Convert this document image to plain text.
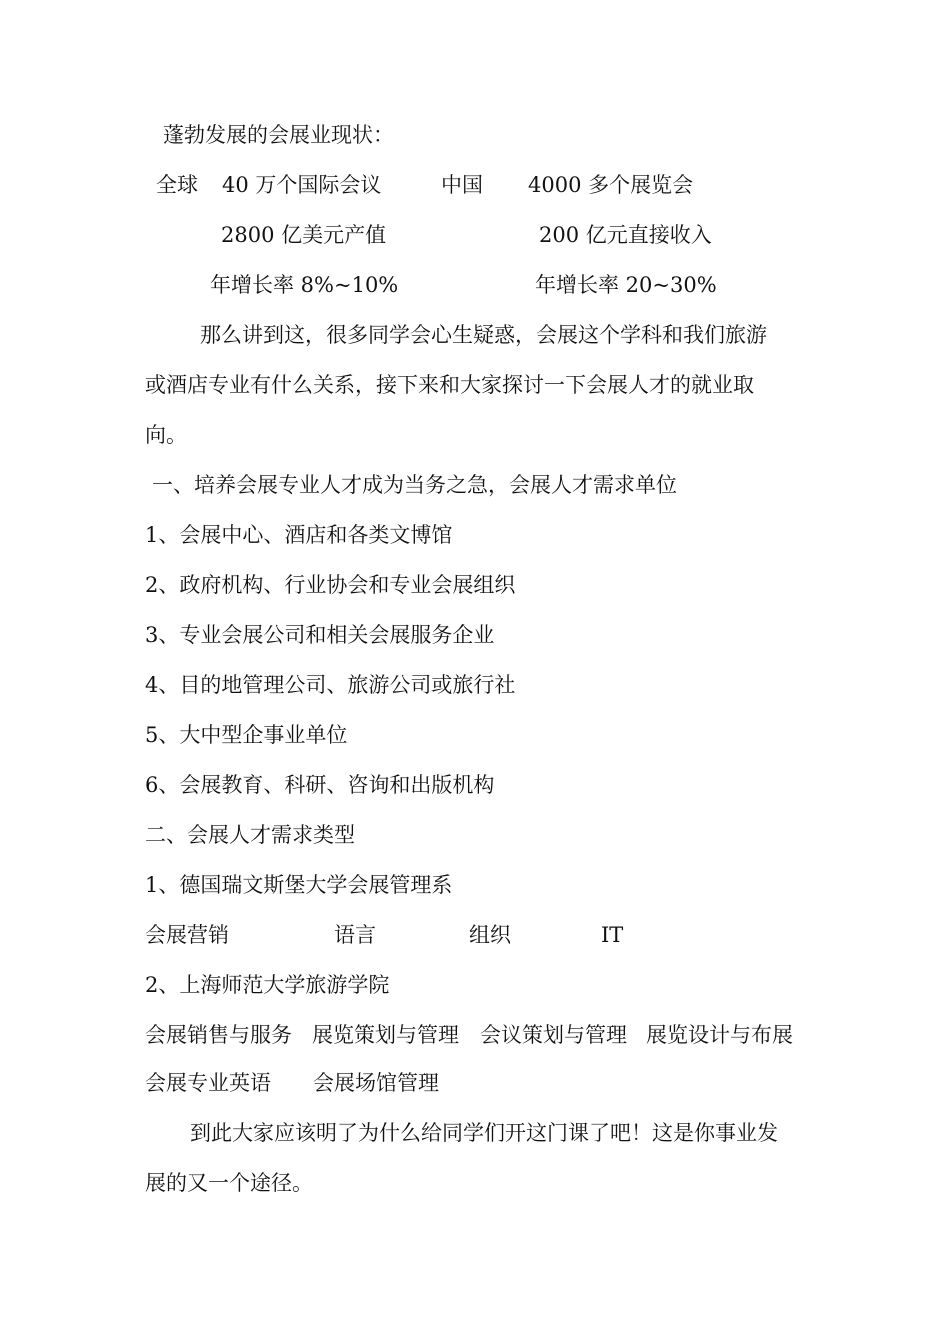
蓬勃发展的会展业现状：
全球 40 万个国际会议	中国 4000 多个展览会
2800 亿美元产值	200 亿元直接收入
年增长率 8%~10%	年增长率 20~30%
那么讲到这，很多同学会心生疑惑，会展这个学科和我们旅游
或酒店专业有什么关系，接下来和大家探讨一下会展人才的就业取
向。
一、培养会展专业人才成为当务之急，会展人才需求单位
1、会展中心、酒店和各类文博馆
2、政府机构、行业协会和专业会展组织
3、专业会展公司和相关会展服务企业
4、目的地管理公司、旅游公司或旅行社
5、大中型企事业单位
6、会展教育、科研、咨询和出版机构
二、会展人才需求类型
1、德国瑞文斯堡大学会展管理系
会展营销	语言	组织	IT
2、上海师范大学旅游学院
会展销售与服务 展览策划与管理 会议策划与管理 展览设计与布展
会展专业英语 会展场馆管理
到此大家应该明了为什么给同学们开这门课了吧！这是你事业发
展的又一个途径。
